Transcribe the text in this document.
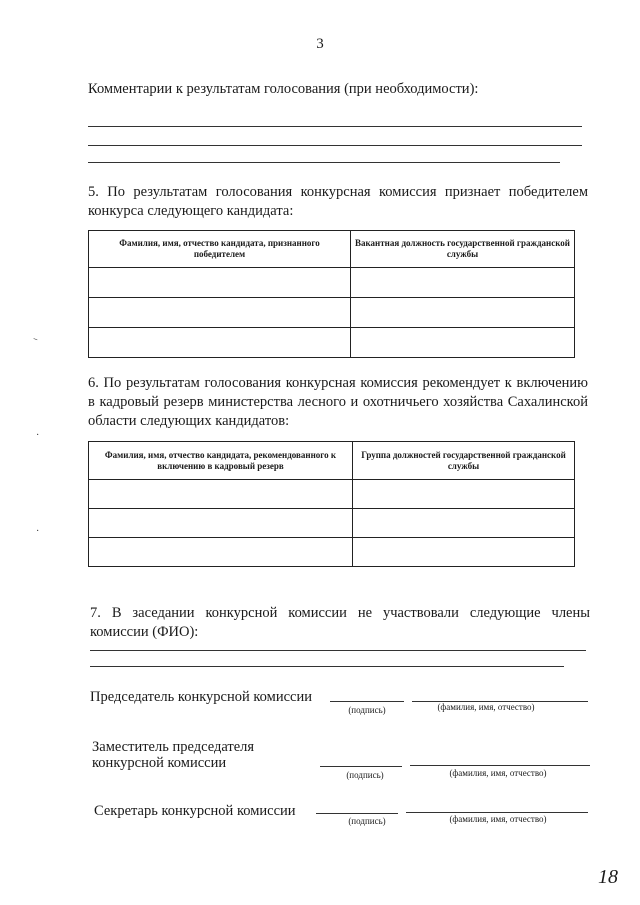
3
Комментарии к результатам голосования (при необходимости):
5. По результатам голосования конкурсная комиссия признает победителем конкурса следующего кандидата:
Фамилия, имя, отчество кандидата, признанного победителем	Вакантная должность государственной гражданской службы

6. По результатам голосования конкурсная комиссия рекомендует к включению в кадровый резерв министерства лесного и охотничьего хозяйства Сахалинской области следующих кандидатов:
Фамилия, имя, отчество кандидата, рекомендованного к включению в кадровый резерв	Группа должностей государственной гражданской службы

7. В заседании конкурсной комиссии не участвовали следующие члены комиссии (ФИО):
Председатель конкурсной комиссии
(подпись)	(фамилия, имя, отчество)
Заместитель председателя
конкурсной комиссии
(подпись)	(фамилия, имя, отчество)
Секретарь конкурсной комиссии
(подпись)	(фамилия, имя, отчество)
⁻
·
·
18
